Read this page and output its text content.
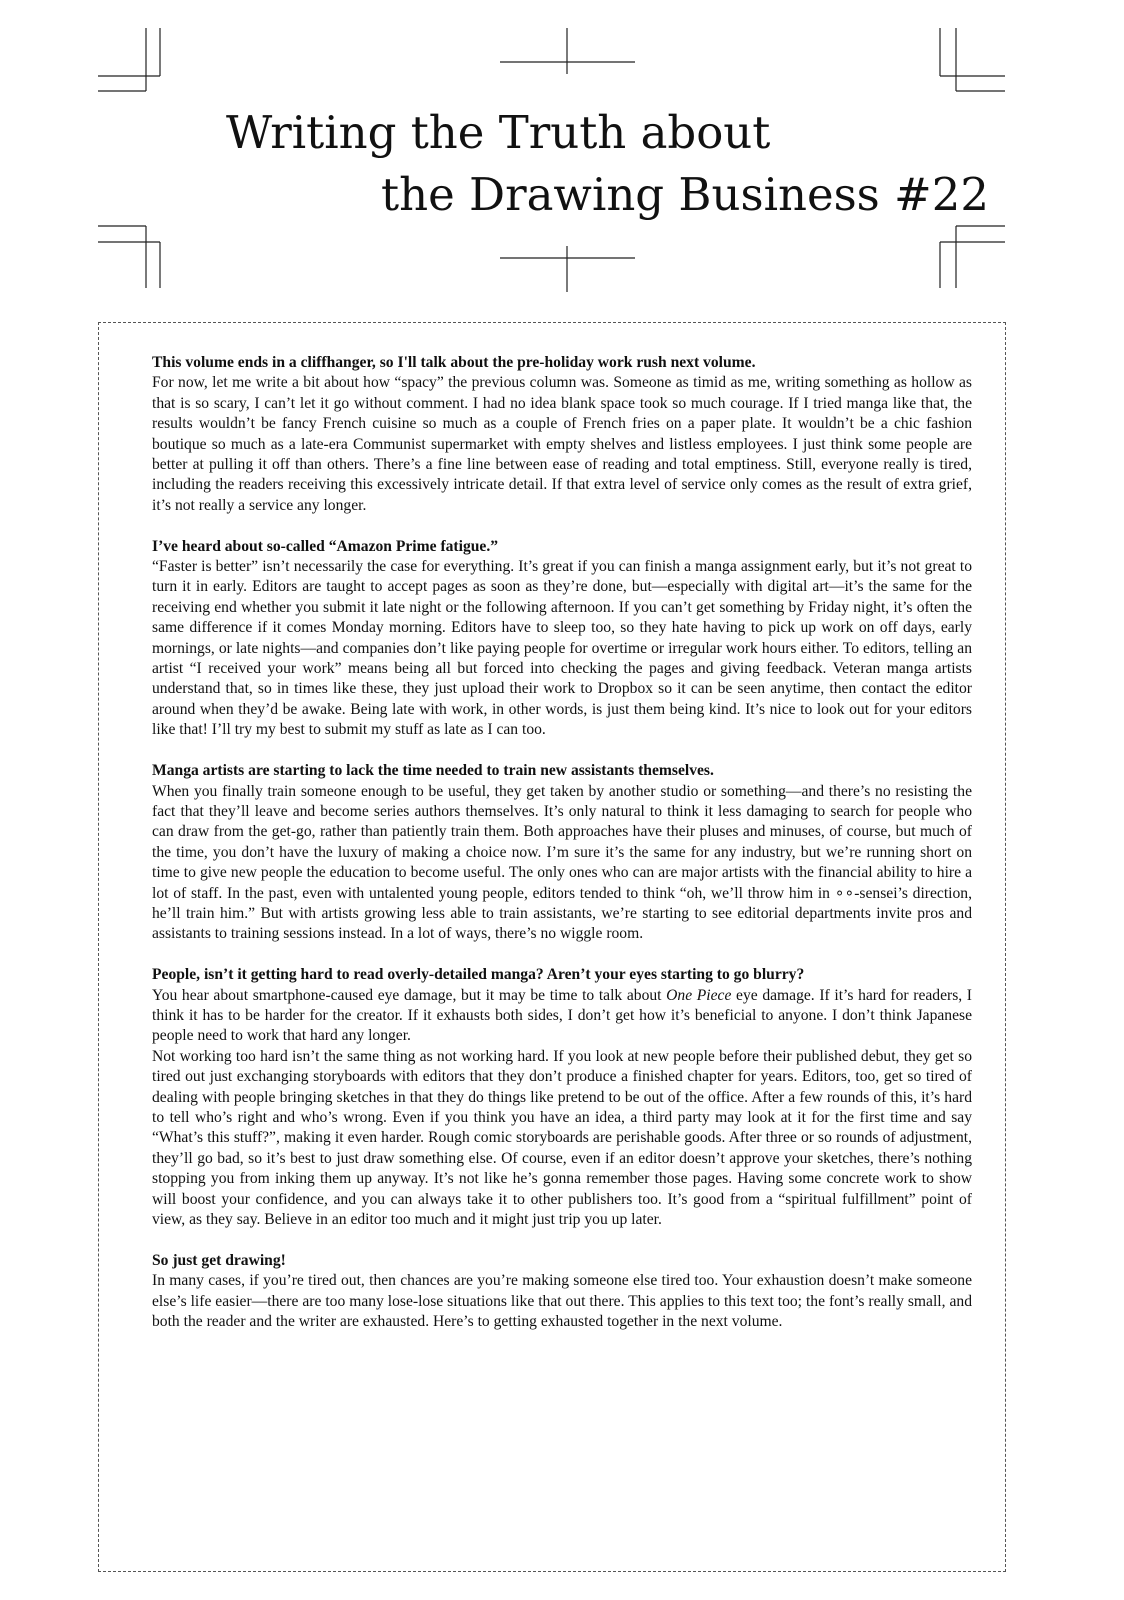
Writing the Truth about
the Drawing Business #22
This volume ends in a cliffhanger, so I'll talk about the pre-holiday work rush next volume.
For now, let me write a bit about how “spacy” the previous column was. Someone as timid as me, writing something as hollow as that is so scary, I can’t let it go without comment. I had no idea blank space took so much courage. If I tried manga like that, the results wouldn’t be fancy French cuisine so much as a couple of French fries on a paper plate. It wouldn’t be a chic fashion boutique so much as a late-era Communist supermarket with empty shelves and listless employees. I just think some people are better at pulling it off than others. There’s a fine line between ease of reading and total emptiness. Still, everyone really is tired, including the readers receiving this excessively intricate detail. If that extra level of service only comes as the result of extra grief, it’s not really a service any longer.
I’ve heard about so-called “Amazon Prime fatigue.”
“Faster is better” isn’t necessarily the case for everything. It’s great if you can finish a manga assignment early, but it’s not great to turn it in early. Editors are taught to accept pages as soon as they’re done, but—especially with digital art—it’s the same for the receiving end whether you submit it late night or the following afternoon. If you can’t get something by Friday night, it’s often the same difference if it comes Monday morning. Editors have to sleep too, so they hate having to pick up work on off days, early mornings, or late nights—and companies don’t like paying people for overtime or irregular work hours either. To editors, telling an artist “I received your work” means being all but forced into checking the pages and giving feedback. Veteran manga artists understand that, so in times like these, they just upload their work to Dropbox so it can be seen anytime, then contact the editor around when they’d be awake. Being late with work, in other words, is just them being kind. It’s nice to look out for your editors like that! I’ll try my best to submit my stuff as late as I can too.
Manga artists are starting to lack the time needed to train new assistants themselves.
When you finally train someone enough to be useful, they get taken by another studio or something—and there’s no resisting the fact that they’ll leave and become series authors themselves. It’s only natural to think it less damaging to search for people who can draw from the get-go, rather than patiently train them. Both approaches have their pluses and minuses, of course, but much of the time, you don’t have the luxury of making a choice now. I’m sure it’s the same for any industry, but we’re running short on time to give new people the education to become useful. The only ones who can are major artists with the financial ability to hire a lot of staff. In the past, even with untalented young people, editors tended to think “oh, we’ll throw him in ∘∘-sensei’s direction, he’ll train him.” But with artists growing less able to train assistants, we’re starting to see editorial departments invite pros and assistants to training sessions instead. In a lot of ways, there’s no wiggle room.
People, isn’t it getting hard to read overly-detailed manga? Aren’t your eyes starting to go blurry?
You hear about smartphone-caused eye damage, but it may be time to talk about One Piece eye damage. If it’s hard for readers, I think it has to be harder for the creator. If it exhausts both sides, I don’t get how it’s beneficial to anyone. I don’t think Japanese people need to work that hard any longer.
Not working too hard isn’t the same thing as not working hard. If you look at new people before their published debut, they get so tired out just exchanging storyboards with editors that they don’t produce a finished chapter for years. Editors, too, get so tired of dealing with people bringing sketches in that they do things like pretend to be out of the office. After a few rounds of this, it’s hard to tell who’s right and who’s wrong. Even if you think you have an idea, a third party may look at it for the first time and say “What’s this stuff?”, making it even harder. Rough comic storyboards are perishable goods. After three or so rounds of adjustment, they’ll go bad, so it’s best to just draw something else. Of course, even if an editor doesn’t approve your sketches, there’s nothing stopping you from inking them up anyway. It’s not like he’s gonna remember those pages. Having some concrete work to show will boost your confidence, and you can always take it to other publishers too. It’s good from a “spiritual fulfillment” point of view, as they say. Believe in an editor too much and it might just trip you up later.
So just get drawing!
In many cases, if you’re tired out, then chances are you’re making someone else tired too. Your exhaustion doesn’t make someone else’s life easier—there are too many lose-lose situations like that out there. This applies to this text too; the font’s really small, and both the reader and the writer are exhausted. Here’s to getting exhausted together in the next volume.
